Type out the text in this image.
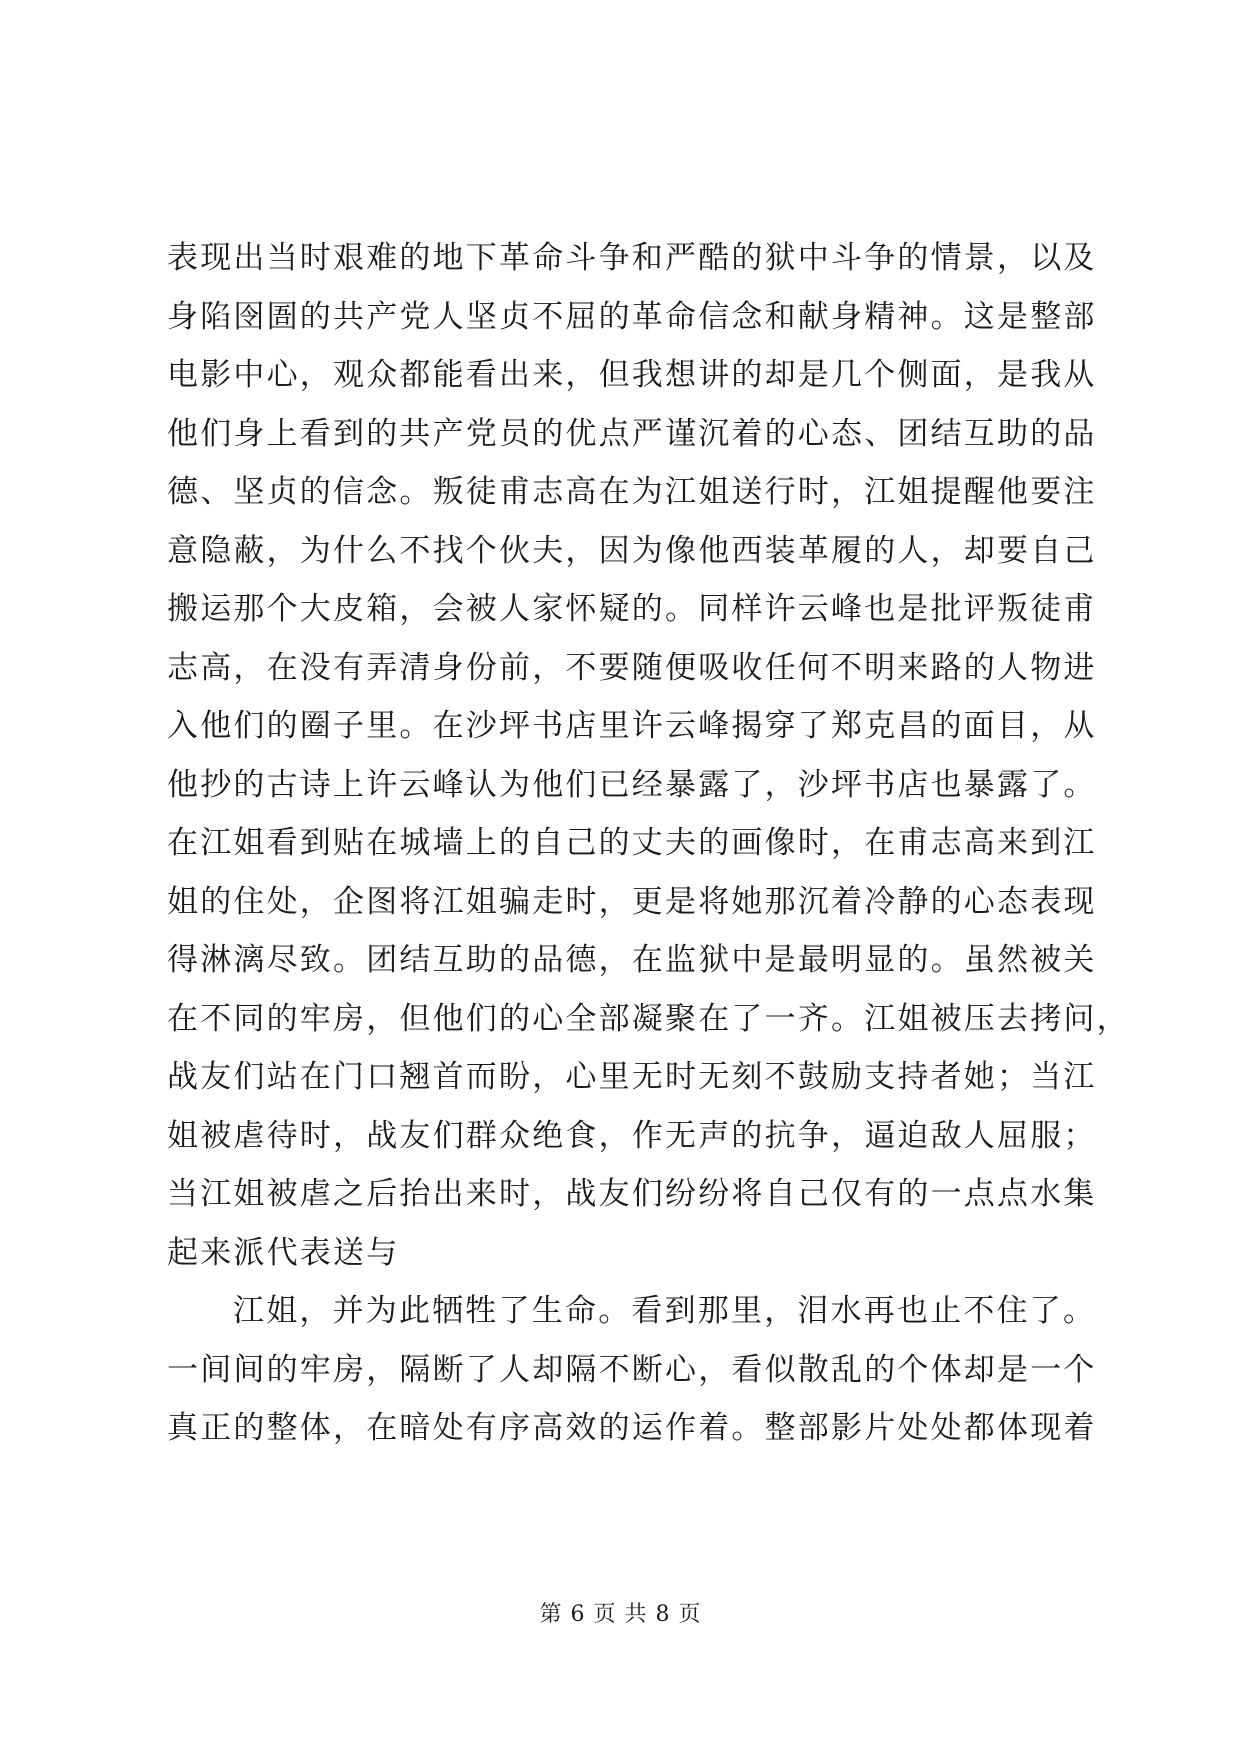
表现出当时艰难的地下革命斗争和严酷的狱中斗争的情景，以及
身陷囹圄的共产党人坚贞不屈的革命信念和献身精神。这是整部
电影中心，观众都能看出来，但我想讲的却是几个侧面，是我从
他们身上看到的共产党员的优点严谨沉着的心态、团结互助的品
德、坚贞的信念。叛徒甫志高在为江姐送行时，江姐提醒他要注
意隐蔽，为什么不找个伙夫，因为像他西装革履的人，却要自己
搬运那个大皮箱，会被人家怀疑的。同样许云峰也是批评叛徒甫
志高，在没有弄清身份前，不要随便吸收任何不明来路的人物进
入他们的圈子里。在沙坪书店里许云峰揭穿了郑克昌的面目，从
他抄的古诗上许云峰认为他们已经暴露了，沙坪书店也暴露了。
在江姐看到贴在城墙上的自己的丈夫的画像时，在甫志高来到江
姐的住处，企图将江姐骗走时，更是将她那沉着冷静的心态表现
得淋漓尽致。团结互助的品德，在监狱中是最明显的。虽然被关
在不同的牢房，但他们的心全部凝聚在了一齐。江姐被压去拷问，
战友们站在门口翘首而盼，心里无时无刻不鼓励支持者她；当江
姐被虐待时，战友们群众绝食，作无声的抗争，逼迫敌人屈服；
当江姐被虐之后抬出来时，战友们纷纷将自己仅有的一点点水集
起来派代表送与
江姐，并为此牺牲了生命。看到那里，泪水再也止不住了。
一间间的牢房，隔断了人却隔不断心，看似散乱的个体却是一个
真正的整体，在暗处有序高效的运作着。整部影片处处都体现着
第 6 页 共 8 页
